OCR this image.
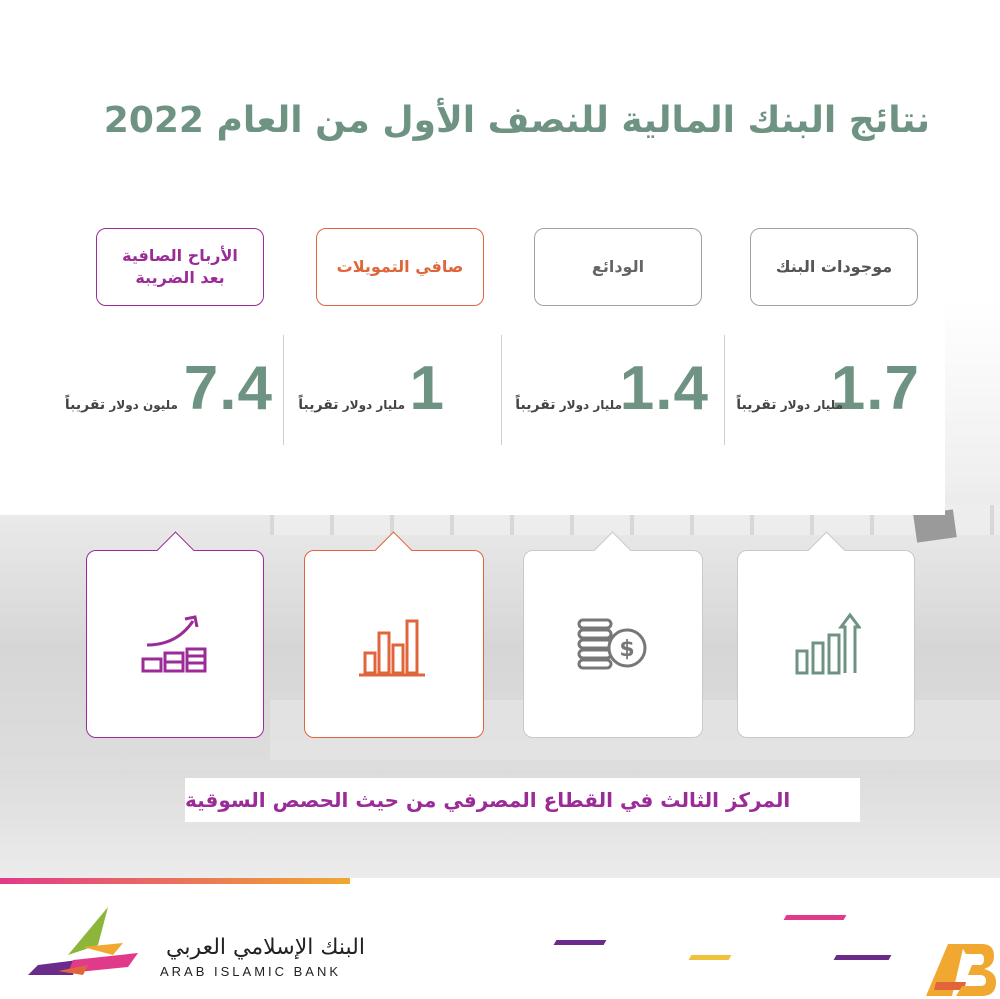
نتائج البنك المالية للنصف الأول من العام 2022
موجودات البنك
الودائع
صافي التمويلات
الأرباح الصافية
بعد الضريبة
1.7
مليار دولار تقريباً
1.4
مليار دولار تقريباً
1
مليار دولار تقريباً
7.4
مليون دولار تقريباً
$
المركز الثالث في القطاع المصرفي من حيث الحصص السوقية
البنك الإسلامي العربي
ARAB ISLAMIC BANK
